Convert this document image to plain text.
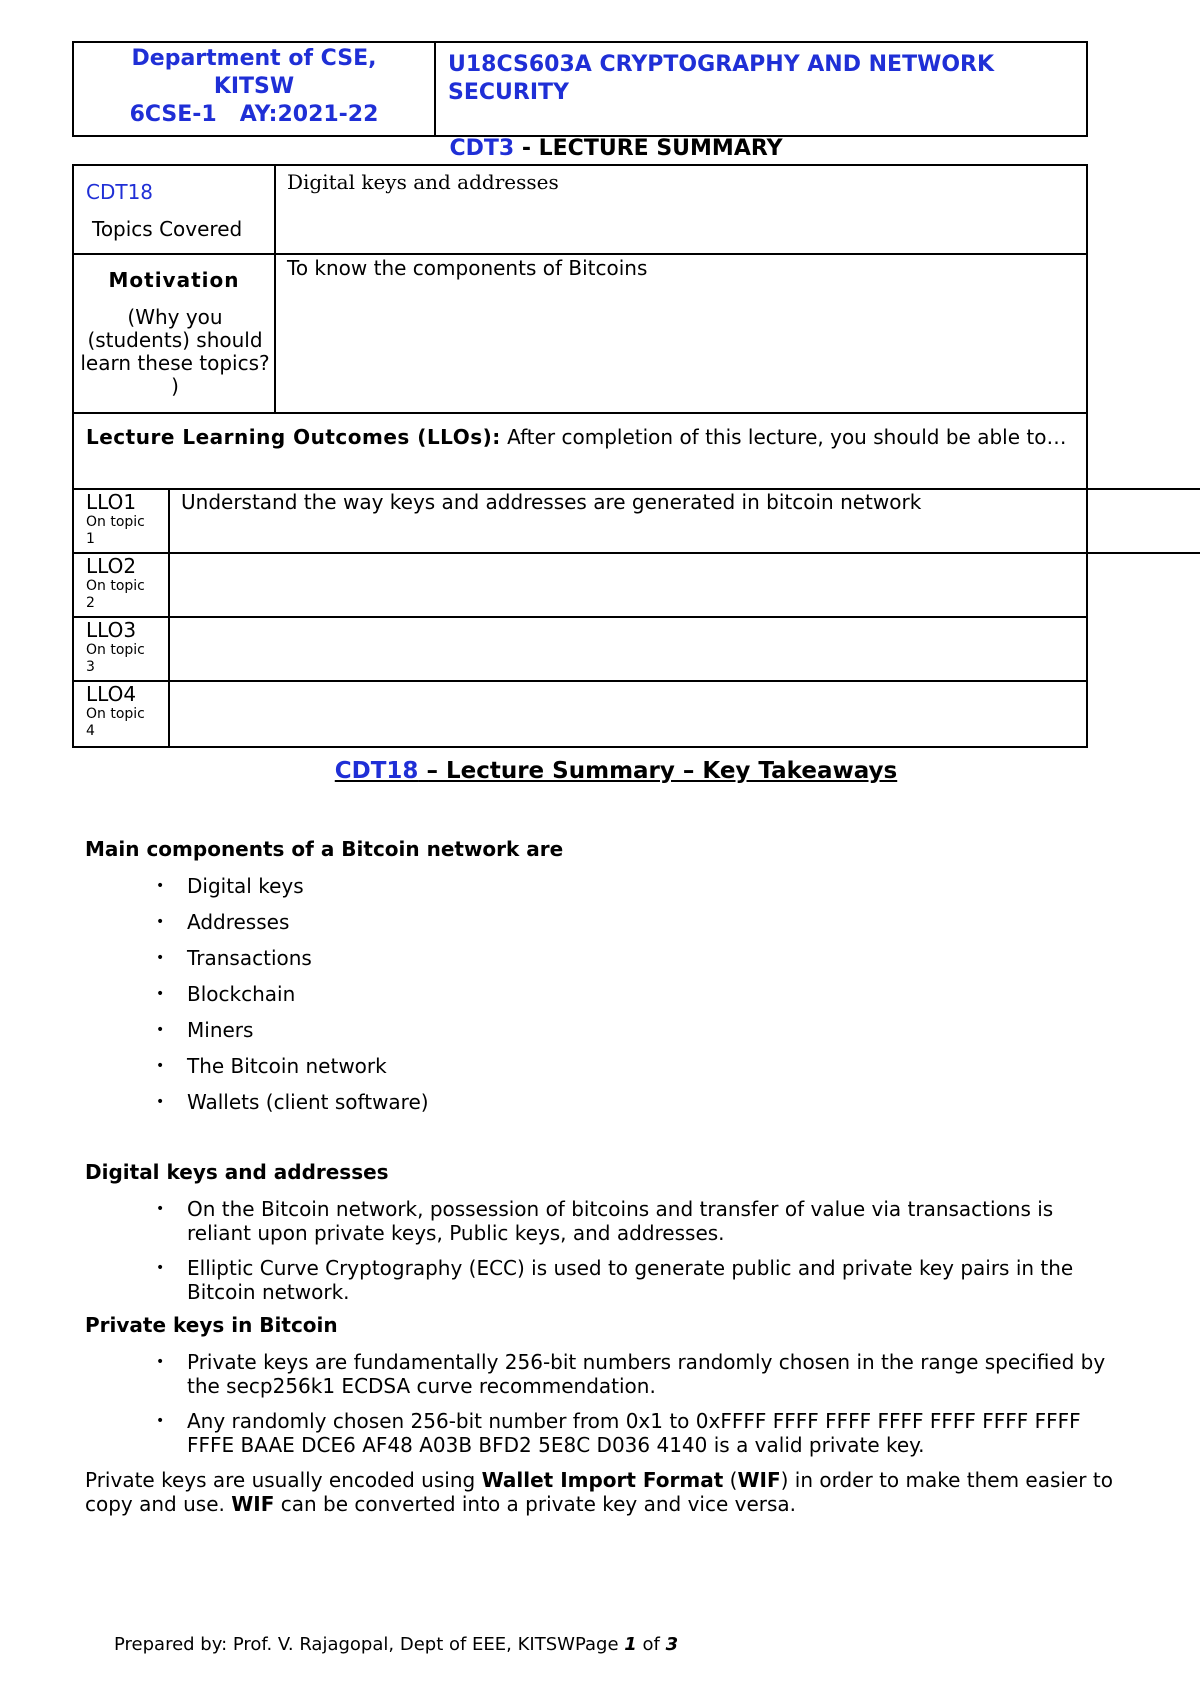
Department of CSE,
KITSW
6CSE-1   AY:2021-22
U18CS603A CRYPTOGRAPHY AND NETWORK SECURITY
CDT3 - LECTURE SUMMARY
CDT18
Topics Covered
Digital keys and addresses
Motivation
(Why you (students) should learn these topics? )
To know the components of Bitcoins
Lecture Learning Outcomes (LLOs): After completion of this lecture, you should be able to…
LLO1
On topic 1
Understand the way keys and addresses are generated in bitcoin network
LLO2
On topic 2
LLO3
On topic 3
LLO4
On topic 4
CDT18 – Lecture Summary – Key Takeaways
Main components of a Bitcoin network are
• Digital keys
• Addresses
• Transactions
• Blockchain
• Miners
• The Bitcoin network
• Wallets (client software)
Digital keys and addresses
• On the Bitcoin network, possession of bitcoins and transfer of value via transactions is reliant upon private keys, Public keys, and addresses.
• Elliptic Curve Cryptography (ECC) is used to generate public and private key pairs in the Bitcoin network.
Private keys in Bitcoin
• Private keys are fundamentally 256-bit numbers randomly chosen in the range specified by the secp256k1 ECDSA curve recommendation.
• Any randomly chosen 256-bit number from 0x1 to 0xFFFF FFFF FFFF FFFF FFFF FFFF FFFF FFFE BAAE DCE6 AF48 A03B BFD2 5E8C D036 4140 is a valid private key.
Private keys are usually encoded using Wallet Import Format (WIF) in order to make them easier to copy and use. WIF can be converted into a private key and vice versa.
Prepared by: Prof. V. Rajagopal, Dept of EEE, KITSWPage 1 of 3
